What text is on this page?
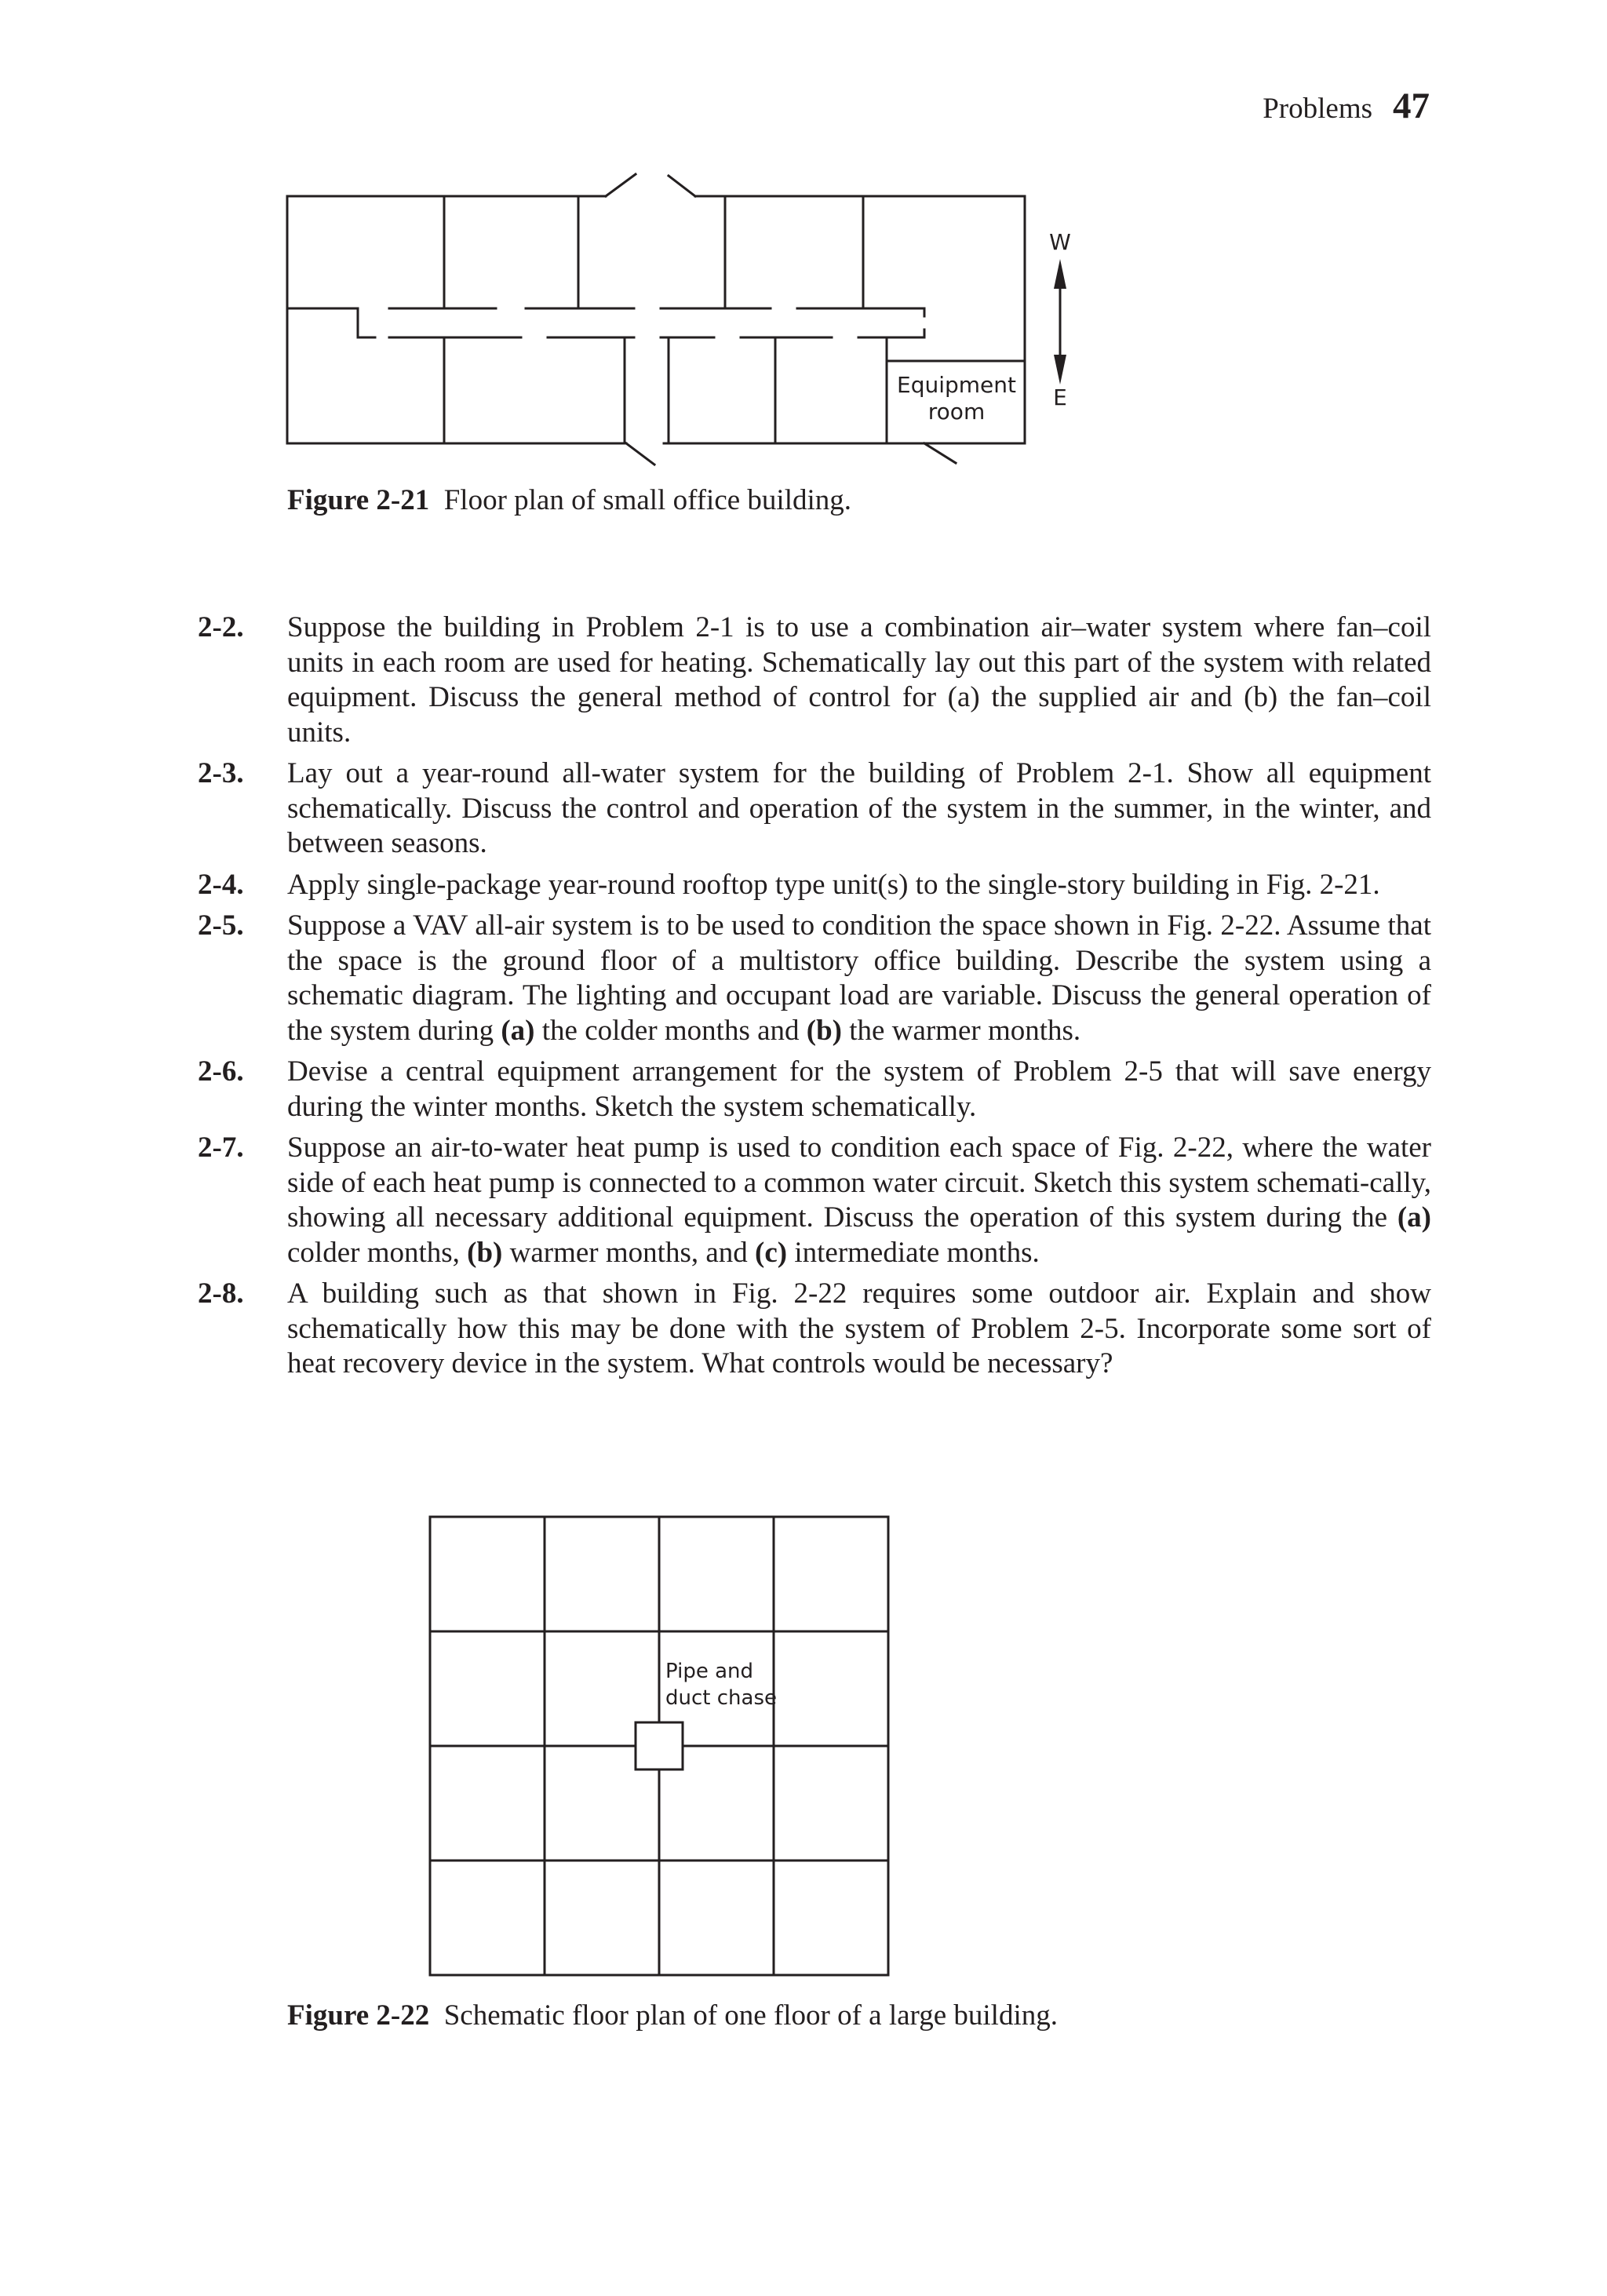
Problems 47
W
E
Equipment
room
Figure 2-21 Floor plan of small office building.
2-2.	Suppose the building in Problem 2-1 is to use a combination air–water system where fan–coil units in each room are used for heating. Schematically lay out this part of the system with related equipment. Discuss the general method of control for (a) the supplied air and (b) the fan–coil units.
2-3.	Lay out a year-round all-water system for the building of Problem 2-1. Show all equipment schematically. Discuss the control and operation of the system in the summer, in the winter, and between seasons.
2-4.	Apply single-package year-round rooftop type unit(s) to the single-story building in Fig. 2-21.
2-5.	Suppose a VAV all-air system is to be used to condition the space shown in Fig. 2-22. Assume that the space is the ground floor of a multistory office building. Describe the system using a schematic diagram. The lighting and occupant load are variable. Discuss the general operation of the system during (a) the colder months and (b) the warmer months.
2-6.	Devise a central equipment arrangement for the system of Problem 2-5 that will save energy during the winter months. Sketch the system schematically.
2-7.	Suppose an air-to-water heat pump is used to condition each space of Fig. 2-22, where the water side of each heat pump is connected to a common water circuit. Sketch this system schemati-cally, showing all necessary additional equipment. Discuss the operation of this system during the (a) colder months, (b) warmer months, and (c) intermediate months.
2-8.	A building such as that shown in Fig. 2-22 requires some outdoor air. Explain and show schematically how this may be done with the system of Problem 2-5. Incorporate some sort of heat recovery device in the system. What controls would be necessary?
Pipe and
duct chase
Figure 2-22 Schematic floor plan of one floor of a large building.
